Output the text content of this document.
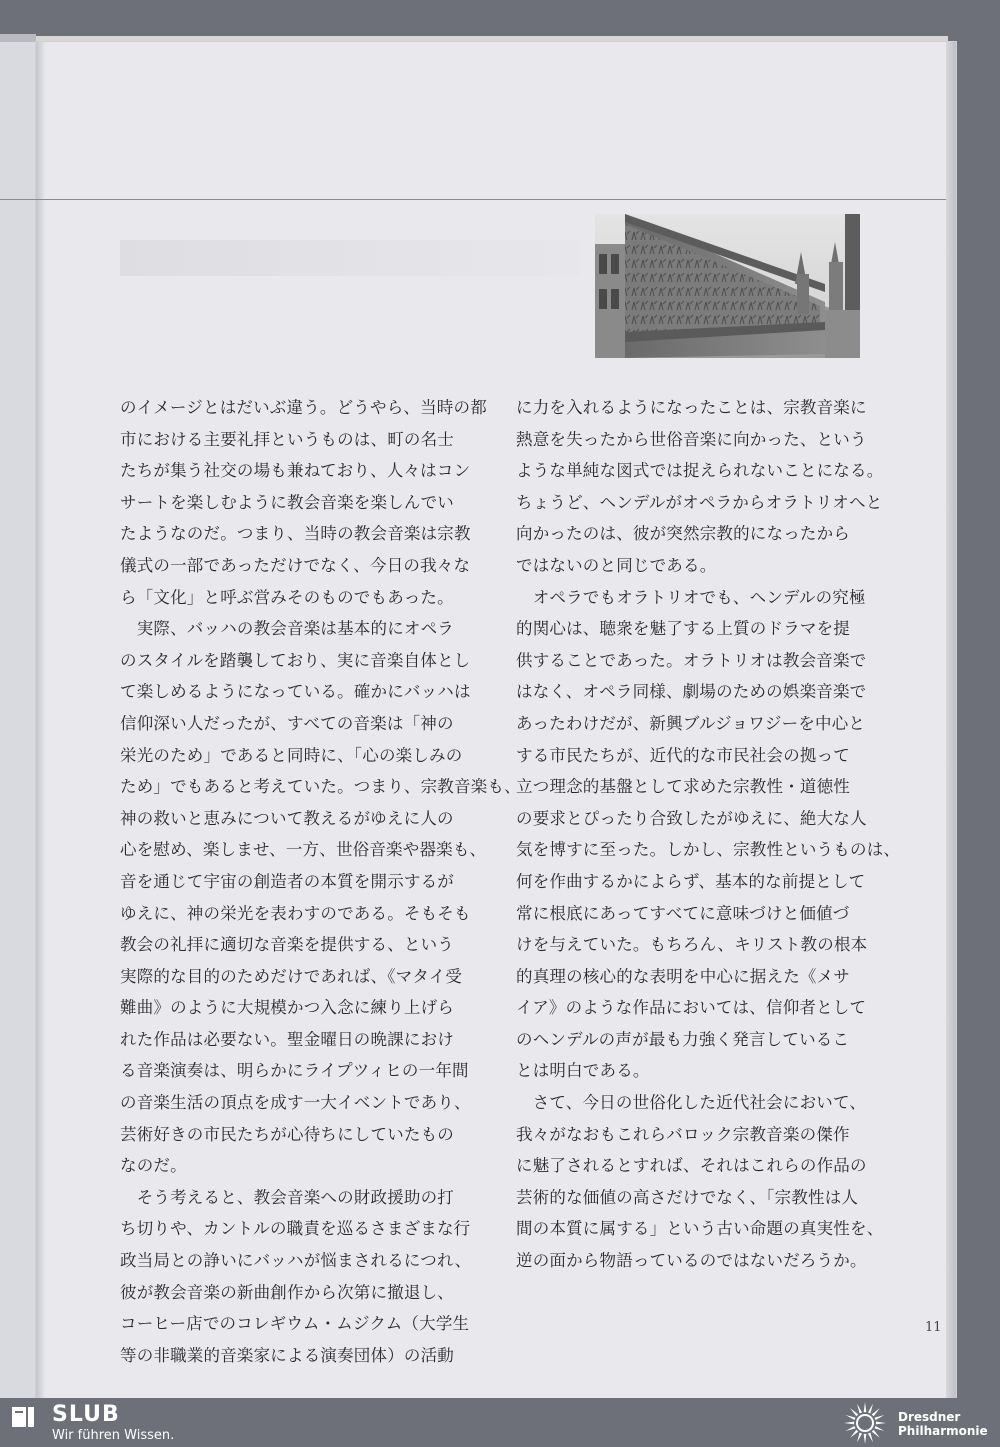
のイメージとはだいぶ違う。どうやら、当時の都
市における主要礼拝というものは、町の名士
たちが集う社交の場も兼ねており、人々はコン
サートを楽しむように教会音楽を楽しんでい
たようなのだ。つまり、当時の教会音楽は宗教
儀式の一部であっただけでなく、今日の我々な
ら「文化」と呼ぶ営みそのものでもあった。

　実際、バッハの教会音楽は基本的にオペラ
のスタイルを踏襲しており、実に音楽自体とし
て楽しめるようになっている。確かにバッハは
信仰深い人だったが、すべての音楽は「神の
栄光のため」であると同時に、「心の楽しみの
ため」でもあると考えていた。つまり、宗教音楽も、
神の救いと恵みについて教えるがゆえに人の
心を慰め、楽しませ、一方、世俗音楽や器楽も、
音を通じて宇宙の創造者の本質を開示するが
ゆえに、神の栄光を表わすのである。そもそも
教会の礼拝に適切な音楽を提供する、という
実際的な目的のためだけであれば、《マタイ受
難曲》のように大規模かつ入念に練り上げら
れた作品は必要ない。聖金曜日の晩課におけ
る音楽演奏は、明らかにライプツィヒの一年間
の音楽生活の頂点を成す一大イベントであり、
芸術好きの市民たちが心待ちにしていたもの
なのだ。

　そう考えると、教会音楽への財政援助の打
ち切りや、カントルの職責を巡るさまざまな行
政当局との諍いにバッハが悩まされるにつれ、
彼が教会音楽の新曲創作から次第に撤退し、
コーヒー店でのコレギウム・ムジクム（大学生
等の非職業的音楽家による演奏団体）の活動

に力を入れるようになったことは、宗教音楽に
熱意を失ったから世俗音楽に向かった、という
ような単純な図式では捉えられないことになる。
ちょうど、ヘンデルがオペラからオラトリオへと
向かったのは、彼が突然宗教的になったから
ではないのと同じである。

　オペラでもオラトリオでも、ヘンデルの究極
的関心は、聴衆を魅了する上質のドラマを提
供することであった。オラトリオは教会音楽で
はなく、オペラ同様、劇場のための娯楽音楽で
あったわけだが、新興ブルジョワジーを中心と
する市民たちが、近代的な市民社会の拠って
立つ理念的基盤として求めた宗教性・道徳性
の要求とぴったり合致したがゆえに、絶大な人
気を博すに至った。しかし、宗教性というものは、
何を作曲するかによらず、基本的な前提として
常に根底にあってすべてに意味づけと価値づ
けを与えていた。もちろん、キリスト教の根本
的真理の核心的な表明を中心に据えた《メサ
イア》のような作品においては、信仰者として
のヘンデルの声が最も力強く発言しているこ
とは明白である。

　さて、今日の世俗化した近代社会において、
我々がなおもこれらバロック宗教音楽の傑作
に魅了されるとすれば、それはこれらの作品の
芸術的な価値の高さだけでなく、「宗教性は人
間の本質に属する」という古い命題の真実性を、
逆の面から物語っているのではないだろうか。

11
SLUB
Wir führen Wissen.
Dresdner
Philharmonie
